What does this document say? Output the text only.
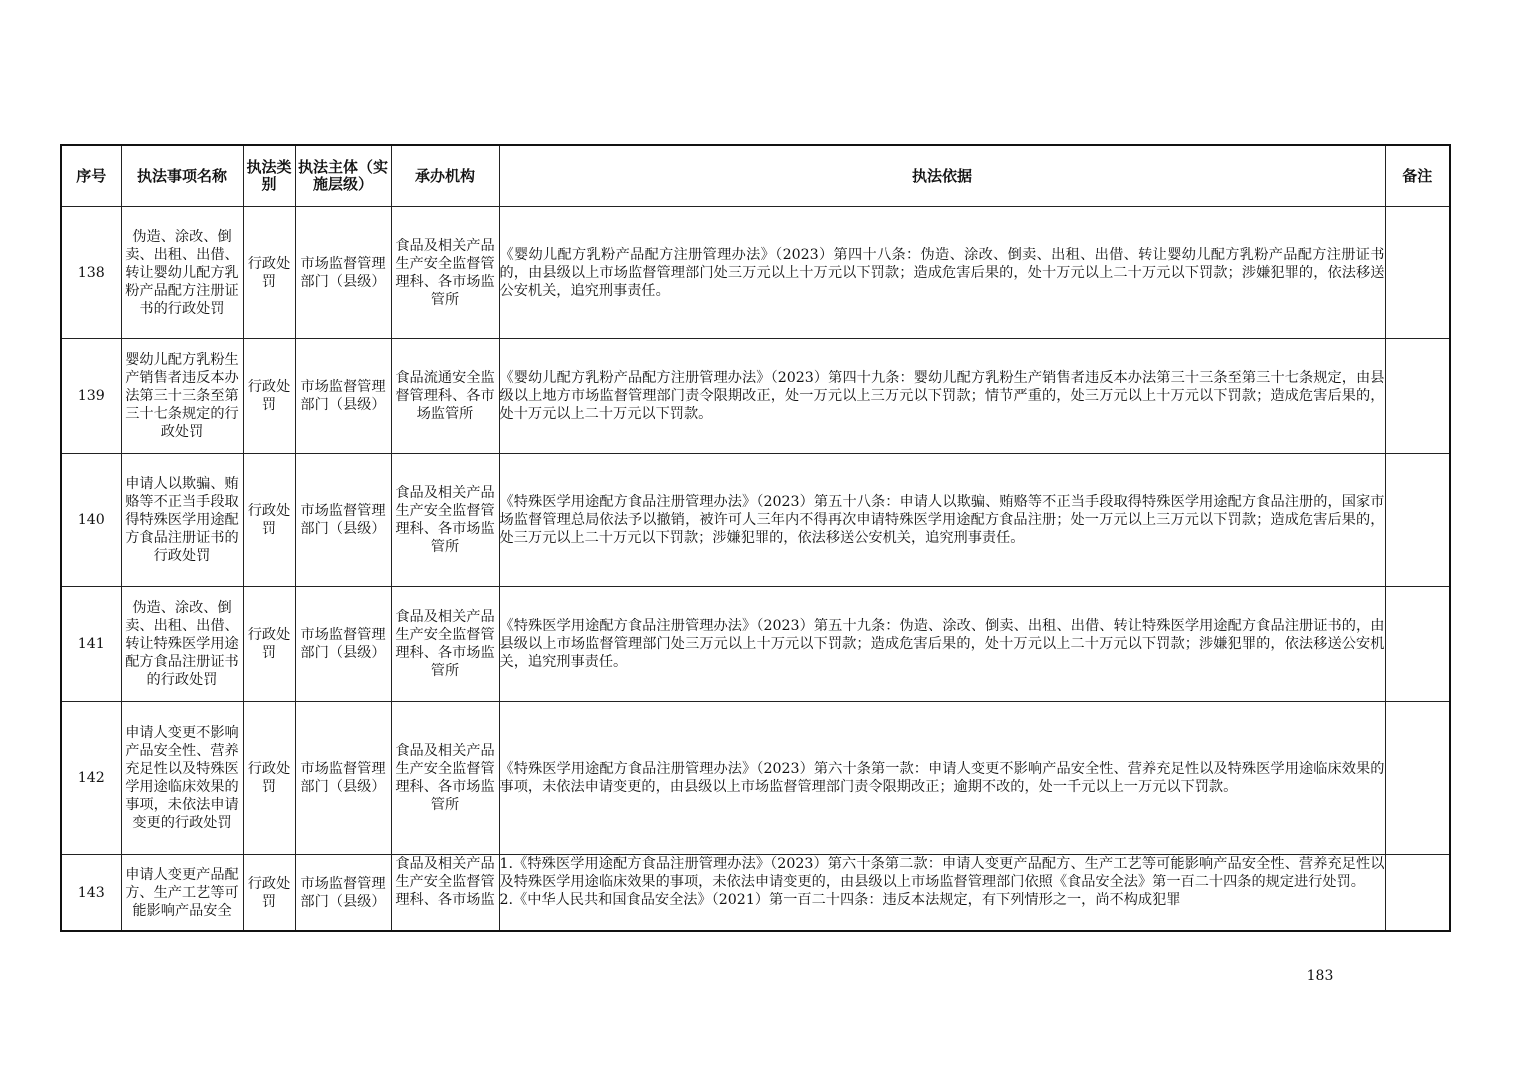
序号	执法事项名称	执法类别	执法主体（实施层级）	承办机构	执法依据	备注
138	伪造、涂改、倒卖、出租、出借、转让婴幼儿配方乳粉产品配方注册证书的行政处罚	行政处罚	市场监督管理部门（县级）	食品及相关产品生产安全监督管理科、各市场监管所	《婴幼儿配方乳粉产品配方注册管理办法》（2023）第四十八条：伪造、涂改、倒卖、出租、出借、转让婴幼儿配方乳粉产品配方注册证书的，由县级以上市场监督管理部门处三万元以上十万元以下罚款；造成危害后果的，处十万元以上二十万元以下罚款；涉嫌犯罪的，依法移送公安机关，追究刑事责任。	

139	婴幼儿配方乳粉生产销售者违反本办法第三十三条至第三十七条规定的行政处罚	行政处罚	市场监督管理部门（县级）	食品流通安全监督管理科、各市场监管所	《婴幼儿配方乳粉产品配方注册管理办法》（2023）第四十九条：婴幼儿配方乳粉生产销售者违反本办法第三十三条至第三十七条规定，由县级以上地方市场监督管理部门责令限期改正，处一万元以上三万元以下罚款；情节严重的，处三万元以上十万元以下罚款；造成危害后果的，处十万元以上二十万元以下罚款。	

140	申请人以欺骗、贿赂等不正当手段取得特殊医学用途配方食品注册证书的行政处罚	行政处罚	市场监督管理部门（县级）	食品及相关产品生产安全监督管理科、各市场监管所	《特殊医学用途配方食品注册管理办法》（2023）第五十八条：申请人以欺骗、贿赂等不正当手段取得特殊医学用途配方食品注册的，国家市场监督管理总局依法予以撤销，被许可人三年内不得再次申请特殊医学用途配方食品注册；处一万元以上三万元以下罚款；造成危害后果的，处三万元以上二十万元以下罚款；涉嫌犯罪的，依法移送公安机关，追究刑事责任。	

141	伪造、涂改、倒卖、出租、出借、转让特殊医学用途配方食品注册证书的行政处罚	行政处罚	市场监督管理部门（县级）	食品及相关产品生产安全监督管理科、各市场监管所	《特殊医学用途配方食品注册管理办法》（2023）第五十九条：伪造、涂改、倒卖、出租、出借、转让特殊医学用途配方食品注册证书的，由县级以上市场监督管理部门处三万元以上十万元以下罚款；造成危害后果的，处十万元以上二十万元以下罚款；涉嫌犯罪的，依法移送公安机关，追究刑事责任。	

142	申请人变更不影响产品安全性、营养充足性以及特殊医学用途临床效果的事项，未依法申请变更的行政处罚	行政处罚	市场监督管理部门（县级）	食品及相关产品生产安全监督管理科、各市场监管所	《特殊医学用途配方食品注册管理办法》（2023）第六十条第一款：申请人变更不影响产品安全性、营养充足性以及特殊医学用途临床效果的事项，未依法申请变更的，由县级以上市场监督管理部门责令限期改正；逾期不改的，处一千元以上一万元以下罚款。	

143	申请人变更产品配方、生产工艺等可能影响产品安全	行政处罚	市场监督管理部门（县级）	食品及相关产品生产安全监督管理科、各市场监	1.《特殊医学用途配方食品注册管理办法》（2023）第六十条第二款：申请人变更产品配方、生产工艺等可能影响产品安全性、营养充足性以及特殊医学用途临床效果的事项，未依法申请变更的，由县级以上市场监督管理部门依照《食品安全法》第一百二十四条的规定进行处罚。
2.《中华人民共和国食品安全法》（2021）第一百二十四条：违反本法规定，有下列情形之一，尚不构成犯罪	

183
